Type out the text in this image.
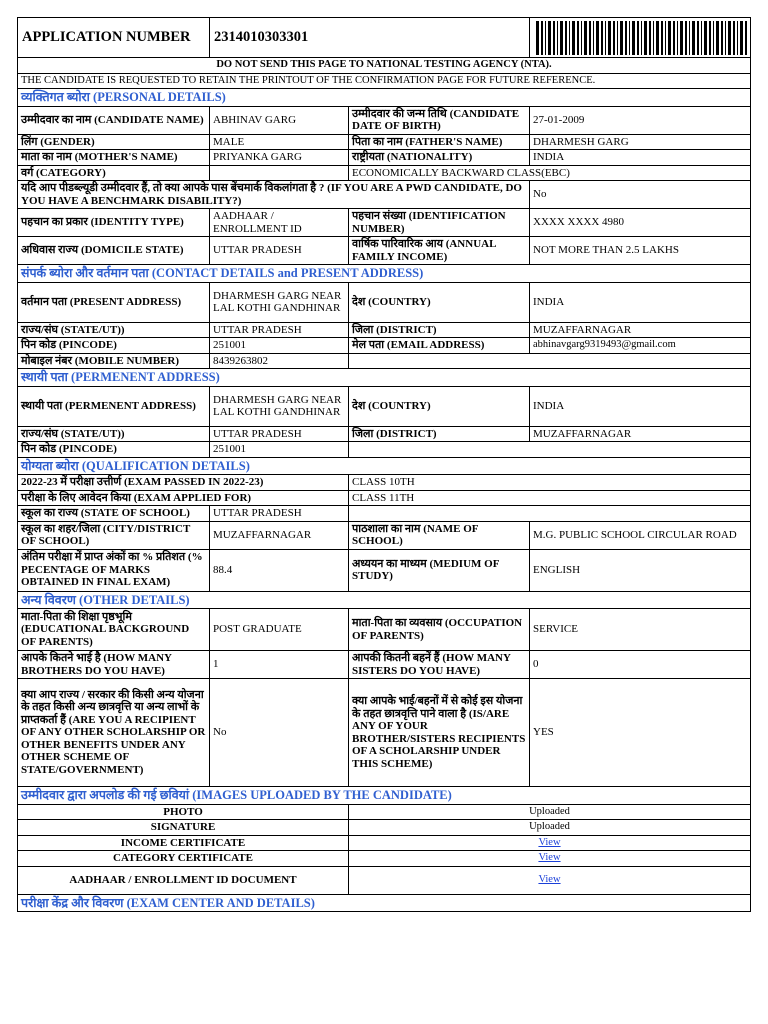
APPLICATION NUMBER	2314010303301	

DO NOT SEND THIS PAGE TO NATIONAL TESTING AGENCY (NTA).			
THE CANDIDATE IS REQUESTED TO RETAIN THE PRINTOUT OF THE CONFIRMATION PAGE FOR FUTURE REFERENCE.			
व्यक्तिगत ब्योरा (PERSONAL DETAILS)			
उम्मीदवार का नाम (CANDIDATE NAME)	ABHINAV GARG	उम्मीदवार की जन्म तिथि (CANDIDATE DATE OF BIRTH)	27-01-2009
लिंग (GENDER)	MALE	पिता का नाम (FATHER'S NAME)	DHARMESH GARG
माता का नाम (MOTHER'S NAME)	PRIYANKA GARG	राष्ट्रीयता (NATIONALITY)	INDIA
वर्ग (CATEGORY)		ECONOMICALLY BACKWARD CLASS(EBC)	
यदि आप पीडब्ल्यूडी उम्मीदवार हैं, तो क्या आपके पास बेंचमार्क विकलांगता है ? (IF YOU ARE A PWD CANDIDATE, DO YOU HAVE A BENCHMARK DISABILITY?)			No
पहचान का प्रकार (IDENTITY TYPE)	AADHAAR / ENROLLMENT ID	पहचान संख्या (IDENTIFICATION NUMBER)	XXXX XXXX 4980
अधिवास राज्य (DOMICILE STATE)	UTTAR PRADESH	वार्षिक पारिवारिक आय (ANNUAL FAMILY INCOME)	NOT MORE THAN 2.5 LAKHS
संपर्क ब्योरा और वर्तमान पता (CONTACT DETAILS and PRESENT ADDRESS)			
वर्तमान पता (PRESENT ADDRESS)	DHARMESH GARG NEAR LAL KOTHI GANDHINAR	देश (COUNTRY)	INDIA
राज्य/संघ (STATE/UT))	UTTAR PRADESH	जिला (DISTRICT)	MUZAFFARNAGAR
पिन कोड (PINCODE)	251001	मेल पता (EMAIL ADDRESS)	abhinavgarg9319493@gmail.com
मोबाइल नंबर (MOBILE NUMBER)	8439263802		
स्थायी पता (PERMENENT ADDRESS)			
स्थायी पता (PERMENENT ADDRESS)	DHARMESH GARG NEAR LAL KOTHI GANDHINAR	देश (COUNTRY)	INDIA
राज्य/संघ (STATE/UT))	UTTAR PRADESH	जिला (DISTRICT)	MUZAFFARNAGAR
पिन कोड (PINCODE)	251001		
योग्यता ब्योरा (QUALIFICATION DETAILS)			
2022-23 में परीक्षा उत्तीर्ण (EXAM PASSED IN 2022-23)		CLASS 10TH	
परीक्षा के लिए आवेदन किया (EXAM APPLIED FOR)		CLASS 11TH	
स्कूल का राज्य (STATE OF SCHOOL)	UTTAR PRADESH		
स्कूल का शहर/जिला (CITY/DISTRICT OF SCHOOL)	MUZAFFARNAGAR	पाठशाला का नाम (NAME OF SCHOOL)	M.G. PUBLIC SCHOOL CIRCULAR ROAD
अंतिम परीक्षा में प्राप्त अंकों का % प्रतिशत (% PECENTAGE OF MARKS OBTAINED IN FINAL EXAM)	88.4	अध्ययन का माध्यम (MEDIUM OF STUDY)	ENGLISH
अन्य विवरण (OTHER DETAILS)			
माता-पिता की शिक्षा पृष्ठभूमि (EDUCATIONAL BACKGROUND OF PARENTS)	POST GRADUATE	माता-पिता का व्यवसाय (OCCUPATION OF PARENTS)	SERVICE
आपके कितने भाई है (HOW MANY BROTHERS DO YOU HAVE)	1	आपकी कितनी बहनें हैं (HOW MANY SISTERS DO YOU HAVE)	0
क्या आप राज्य / सरकार की किसी अन्य योजना के तहत किसी अन्य छात्रवृत्ति या अन्य लाभों के प्राप्तकर्ता हैं (ARE YOU A RECIPIENT OF ANY OTHER SCHOLARSHIP OR OTHER BENEFITS UNDER ANY OTHER SCHEME OF STATE/GOVERNMENT)	No	क्या आपके भाई/बहनों में से कोई इस योजना के तहत छात्रवृत्ति पाने वाला है (IS/ARE ANY OF YOUR BROTHER/SISTERS RECIPIENTS OF A SCHOLARSHIP UNDER THIS SCHEME)	YES
उम्मीदवार द्वारा अपलोड की गई छवियां (IMAGES UPLOADED BY THE CANDIDATE)			
PHOTO		Uploaded	
SIGNATURE		Uploaded	
INCOME CERTIFICATE		View	
CATEGORY CERTIFICATE		View	
AADHAAR / ENROLLMENT ID DOCUMENT		View	
परीक्षा केंद्र और विवरण (EXAM CENTER AND DETAILS)			
